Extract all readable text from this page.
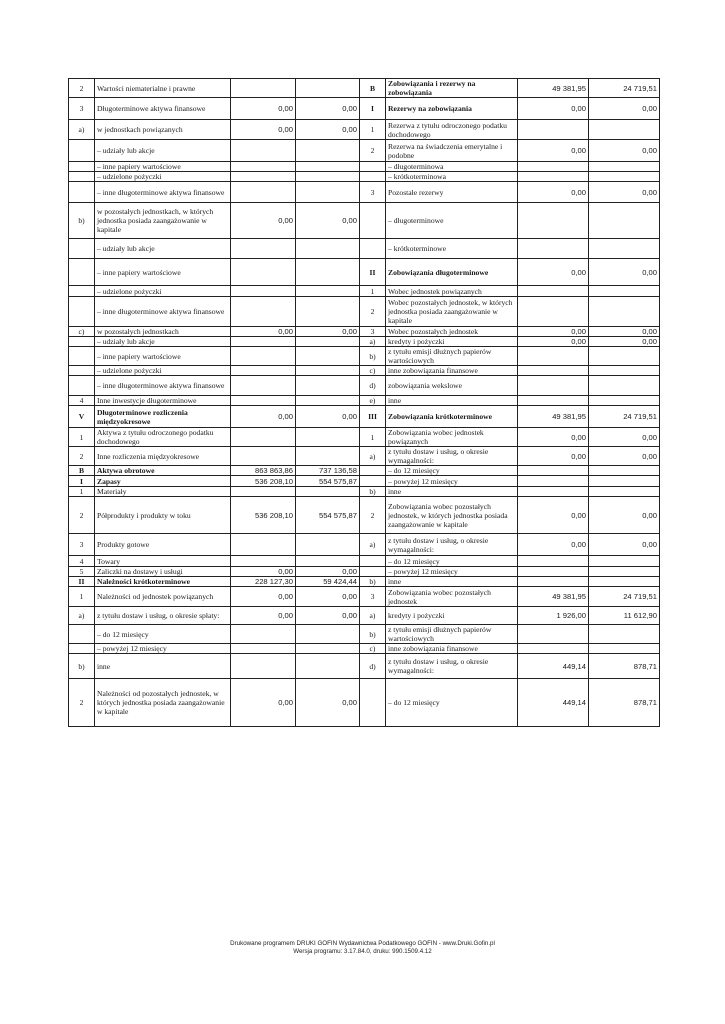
2	Wartości niematerialne i prawne			B	Zobowiązania i rezerwy na zobowiązania	49 381,95	24 719,51
3	Długoterminowe aktywa finansowe	0,00	0,00	I	Rezerwy na zobowiązania	0,00	0,00
a)	w jednostkach powiązanych	0,00	0,00	1	Rezerwa z tytułu odroczonego podatku dochodowego		
	– udziały lub akcje			2	Rezerwa na świadczenia emerytalne i podobne	0,00	0,00
	– inne papiery wartościowe				– długoterminowa		
	– udzielone pożyczki				– krótkoterminowa		
	– inne długoterminowe aktywa finansowe			3	Pozostałe rezerwy	0,00	0,00
b)	w pozostałych jednostkach, w których jednostka posiada zaangażowanie w kapitale	0,00	0,00		– długoterminowe		
	– udziały lub akcje				– krótkoterminowe		
	– inne papiery wartościowe			II	Zobowiązania długoterminowe	0,00	0,00
	– udzielone pożyczki			1	Wobec jednostek powiązanych		
	– inne długoterminowe aktywa finansowe			2	Wobec pozostałych jednostek, w których jednostka posiada zaangażowanie w kapitale		
c)	w pozostałych jednostkach	0,00	0,00	3	Wobec pozostałych jednostek	0,00	0,00
	– udziały lub akcje			a)	kredyty i pożyczki	0,00	0,00
	– inne papiery wartościowe			b)	z tytułu emisji dłużnych papierów wartościowych		
	– udzielone pożyczki			c)	inne zobowiązania finansowe		
	– inne długoterminowe aktywa finansowe			d)	zobowiązania wekslowe		
4	Inne inwestycje długoterminowe			e)	inne		
V	Długoterminowe rozliczenia międzyokresowe	0,00	0,00	III	Zobowiązania krótkoterminowe	49 381,95	24 719,51
1	Aktywa z tytułu odroczonego podatku dochodowego			1	Zobowiązania wobec jednostek powiązanych	0,00	0,00
2	Inne rozliczenia międzyokresowe			a)	z tytułu dostaw i usług, o okresie wymagalności:	0,00	0,00
B	Aktywa obrotowe	863 863,86	737 136,58		– do 12 miesięcy		
I	Zapasy	536 208,10	554 575,87		– powyżej 12 miesięcy		
1	Materiały			b)	inne		
2	Półprodukty i produkty w toku	536 208,10	554 575,87	2	Zobowiązania wobec pozostałych jednostek, w których jednostka posiada zaangażowanie w kapitale	0,00	0,00
3	Produkty gotowe			a)	z tytułu dostaw i usług, o okresie wymagalności:	0,00	0,00
4	Towary				– do 12 miesięcy		
5	Zaliczki na dostawy i usługi	0,00	0,00		– powyżej 12 miesięcy		
II	Należności krótkoterminowe	228 127,30	59 424,44	b)	inne		
1	Należności od jednostek powiązanych	0,00	0,00	3	Zobowiązania wobec pozostałych jednostek	49 381,95	24 719,51
a)	z tytułu dostaw i usług, o okresie spłaty:	0,00	0,00	a)	kredyty i pożyczki	1 926,00	11 612,90
	– do 12 miesięcy			b)	z tytułu emisji dłużnych papierów wartościowych		
	– powyżej 12 miesięcy			c)	inne zobowiązania finansowe		
b)	inne			d)	z tytułu dostaw i usług, o okresie wymagalności:	449,14	878,71
2	Należności od pozostałych jednostek, w których jednostka posiada zaangażowanie w kapitale	0,00	0,00		– do 12 miesięcy	449,14	878,71
Drukowane programem DRUKI GOFIN Wydawnictwa Podatkowego GOFIN - www.Druki.Gofin.pl
Wersja programu: 3.17.84.0, druku: 990.1509.4.12
